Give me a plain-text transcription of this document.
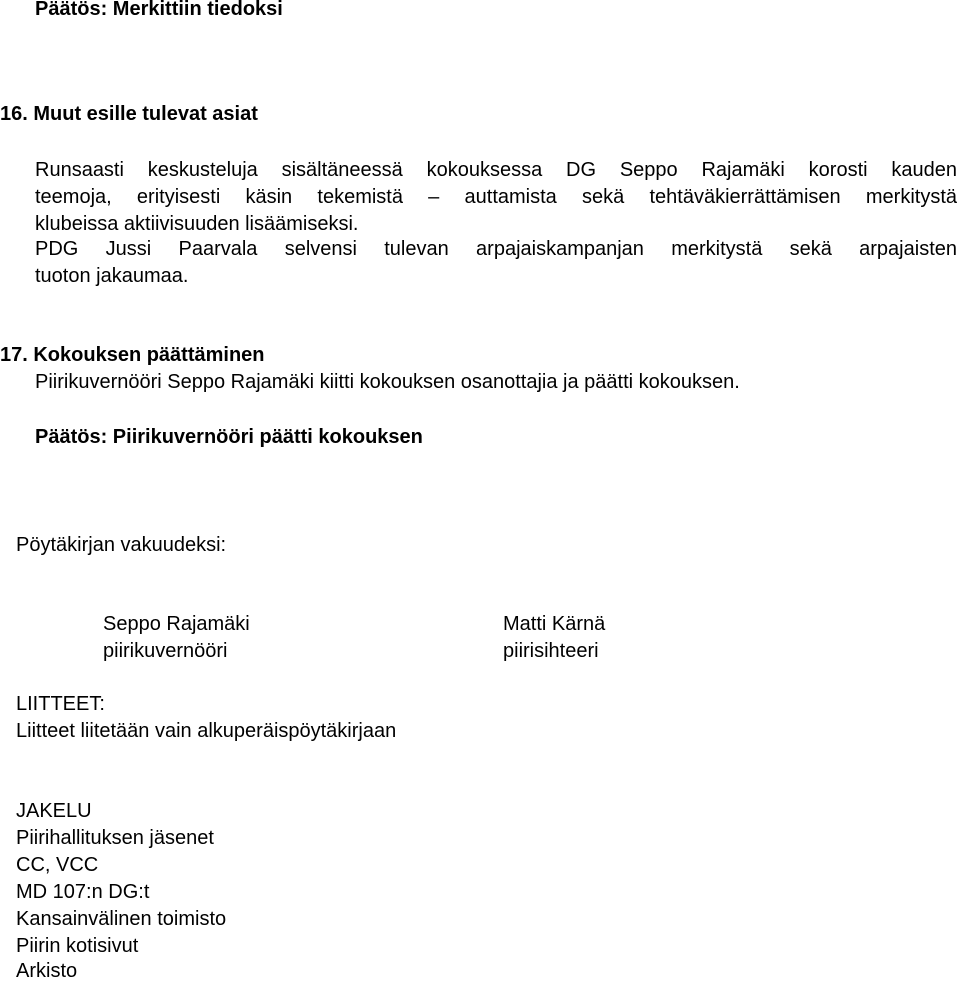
Päätös: Merkittiin tiedoksi

16. Muut esille tulevat asiat

Runsaasti keskusteluja sisältäneessä kokouksessa DG Seppo Rajamäki korosti kauden

teemoja, erityisesti käsin tekemistä – auttamista sekä tehtäväkierrättämisen merkitystä

klubeissa aktiivisuuden lisäämiseksi.

PDG Jussi Paarvala selvensi tulevan arpajaiskampanjan merkitystä sekä arpajaisten

tuoton jakaumaa.

17. Kokouksen päättäminen

Piirikuvernööri Seppo Rajamäki kiitti kokouksen osanottajia ja päätti kokouksen.

Päätös: Piirikuvernööri päätti kokouksen

Pöytäkirjan vakuudeksi:

Seppo Rajamäki

piirikuvernööri

Matti Kärnä

piirisihteeri

LIITTEET:

Liitteet liitetään vain alkuperäispöytäkirjaan

JAKELU

Piirihallituksen jäsenet

CC, VCC

MD 107:n DG:t

Kansainvälinen toimisto

Piirin kotisivut

Arkisto
